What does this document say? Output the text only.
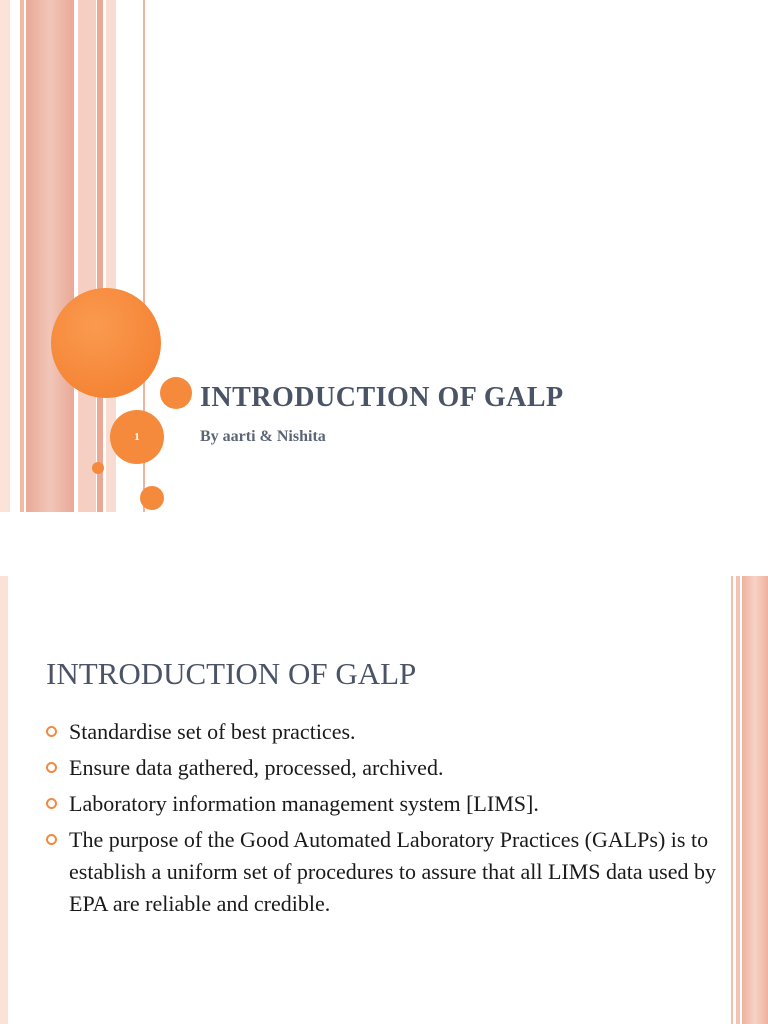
1
INTRODUCTION OF GALP
By aarti & Nishita
INTRODUCTION OF GALP
Standardise set of best practices.
Ensure data gathered, processed, archived.
Laboratory information management system [LIMS].
The purpose of the Good Automated Laboratory Practices (GALPs) is to establish a uniform set of procedures to assure that all LIMS data used by EPA are reliable and credible.
